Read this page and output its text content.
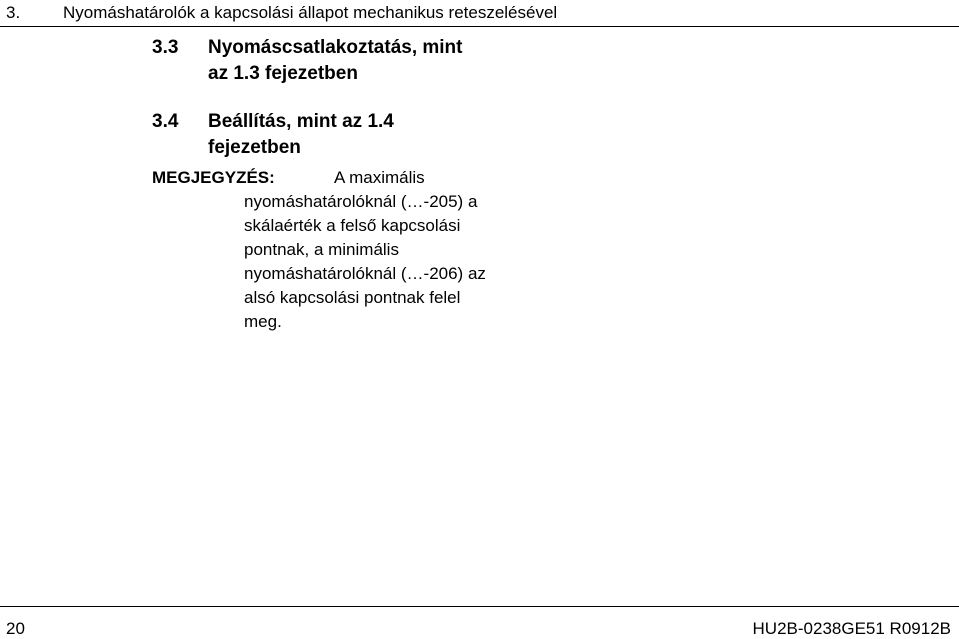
3.	Nyomáshatárolók a kapcsolási állapot mechanikus reteszelésével
3.3	Nyomáscsatlakoztatás, mint
az 1.3 fejezetben
3.4	Beállítás, mint az 1.4
fejezetben
MEGJEGYZÉS:	A maximális
nyomáshatárolóknál (…-205) a
skálaérték a felső kapcsolási
pontnak, a minimális
nyomáshatárolóknál (…-206) az
alsó kapcsolási pontnak felel
meg.
20	HU2B-0238GE51 R0912B
